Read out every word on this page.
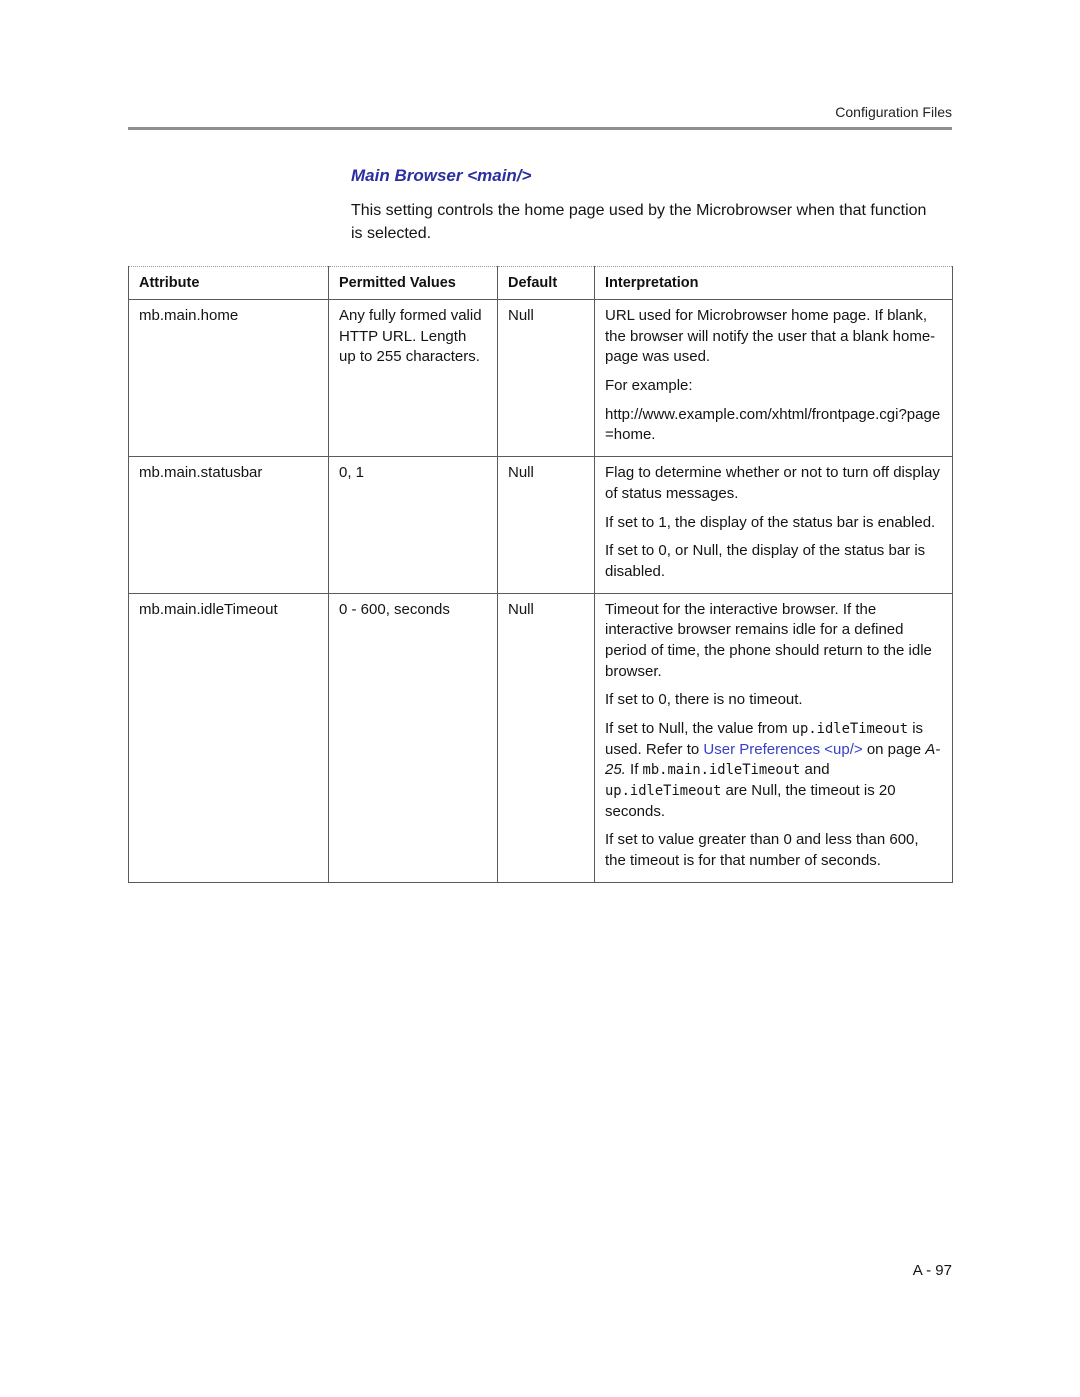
Configuration Files
Main Browser <main/>
This setting controls the home page used by the Microbrowser when that function is selected.
Attribute	Permitted Values	Default	Interpretation
mb.main.home	Any fully formed valid HTTP URL. Length up to 255 characters.	Null	URL used for Microbrowser home page. If blank, the browser will notify the user that a blank home-page was used.

For example:

http://www.example.com/xhtml/frontpage.cgi?page=home.

mb.main.statusbar	0, 1	Null	Flag to determine whether or not to turn off display of status messages.

If set to 1, the display of the status bar is enabled.

If set to 0, or Null, the display of the status bar is disabled.

mb.main.idleTimeout	0 - 600, seconds	Null	Timeout for the interactive browser. If the interactive browser remains idle for a defined period of time, the phone should return to the idle browser.

If set to 0, there is no timeout.

If set to Null, the value from up.idleTimeout is used. Refer to User Preferences <up/> on page A-25. If mb.main.idleTimeout and up.idleTimeout are Null, the timeout is 20 seconds.

If set to value greater than 0 and less than 600, the timeout is for that number of seconds.

A - 97
